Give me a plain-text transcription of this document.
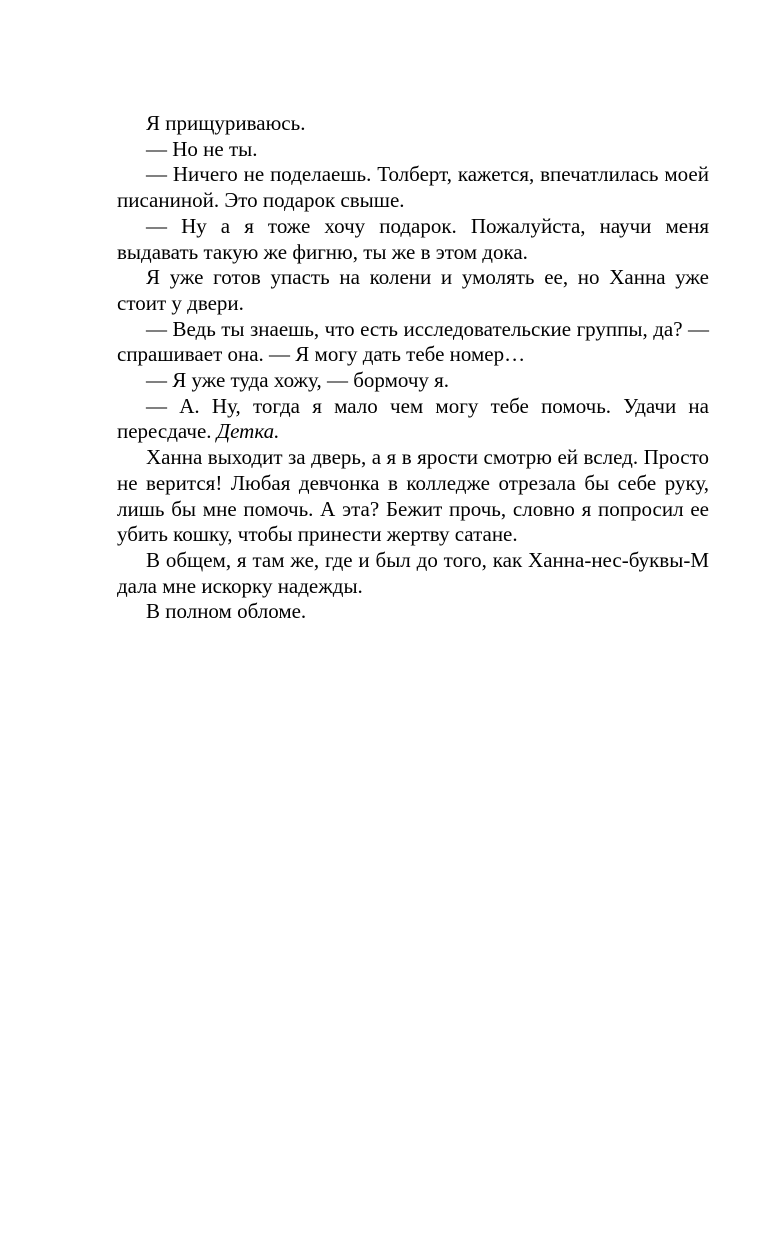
Я прищуриваюсь.

— Но не ты.

— Ничего не поделаешь. Толберт, кажется, впечатлилась моей писаниной. Это подарок свыше.

— Ну а я тоже хочу подарок. Пожалуйста, научи меня выдавать такую же фигню, ты же в этом дока.

Я уже готов упасть на колени и умолять ее, но Ханна уже стоит у двери.

— Ведь ты знаешь, что есть исследовательские группы, да? — спрашивает она. — Я могу дать тебе номер…

— Я уже туда хожу, — бормочу я.

— А. Ну, тогда я мало чем могу тебе помочь. Удачи на пересдаче. Детка.

Ханна выходит за дверь, а я в ярости смотрю ей вслед. Просто не верится! Любая девчонка в колледже отрезала бы себе руку, лишь бы мне помочь. А эта? Бежит прочь, словно я попросил ее убить кошку, чтобы принести жертву сатане.

В общем, я там же, где и был до того, как Ханна-нес-буквы-М дала мне искорку надежды.

В полном обломе.
